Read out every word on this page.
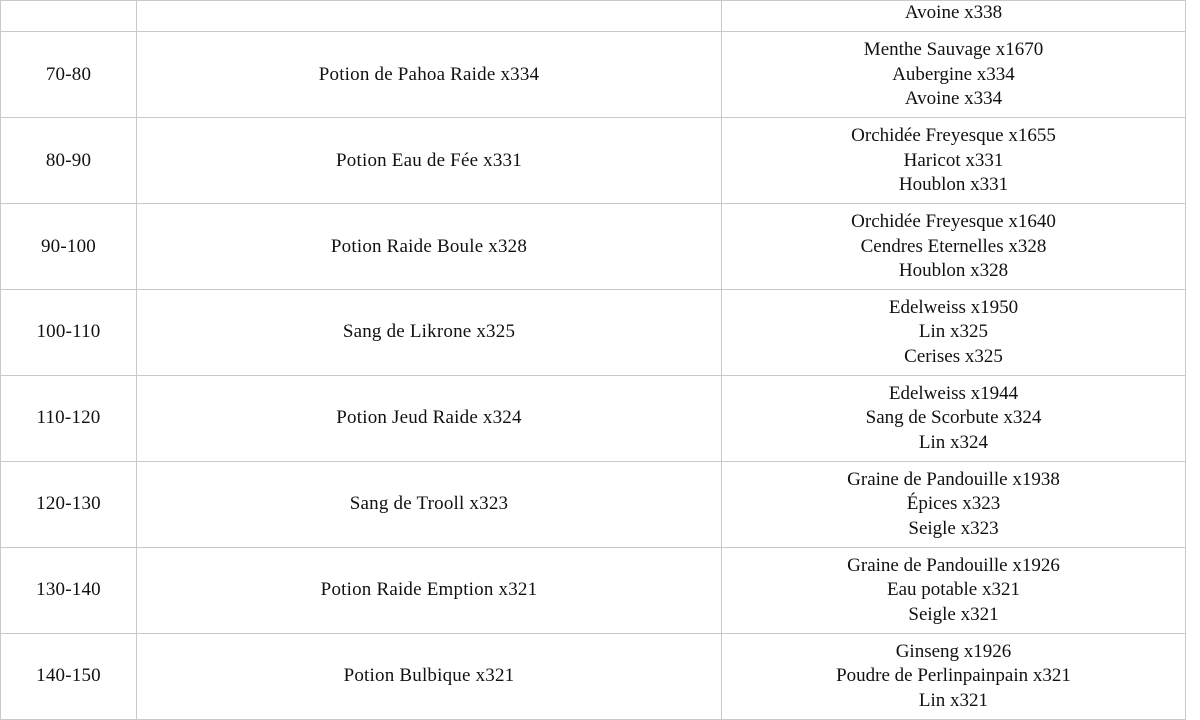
		Avoine x338

70-80	Potion de Pahoa Raide x334	Menthe Sauvage x1670
Aubergine x334
Avoine x334

80-90	Potion Eau de Fée x331	Orchidée Freyesque x1655
Haricot x331
Houblon x331

90-100	Potion Raide Boule x328	Orchidée Freyesque x1640
Cendres Eternelles x328
Houblon x328

100-110	Sang de Likrone x325	Edelweiss x1950
Lin x325
Cerises x325

110-120	Potion Jeud Raide x324	Edelweiss x1944
Sang de Scorbute x324
Lin x324

120-130	Sang de Trooll x323	Graine de Pandouille x1938
Épices x323
Seigle x323

130-140	Potion Raide Emption x321	Graine de Pandouille x1926
Eau potable x321
Seigle x321

140-150	Potion Bulbique x321	Ginseng x1926
Poudre de Perlinpainpain x321
Lin x321
